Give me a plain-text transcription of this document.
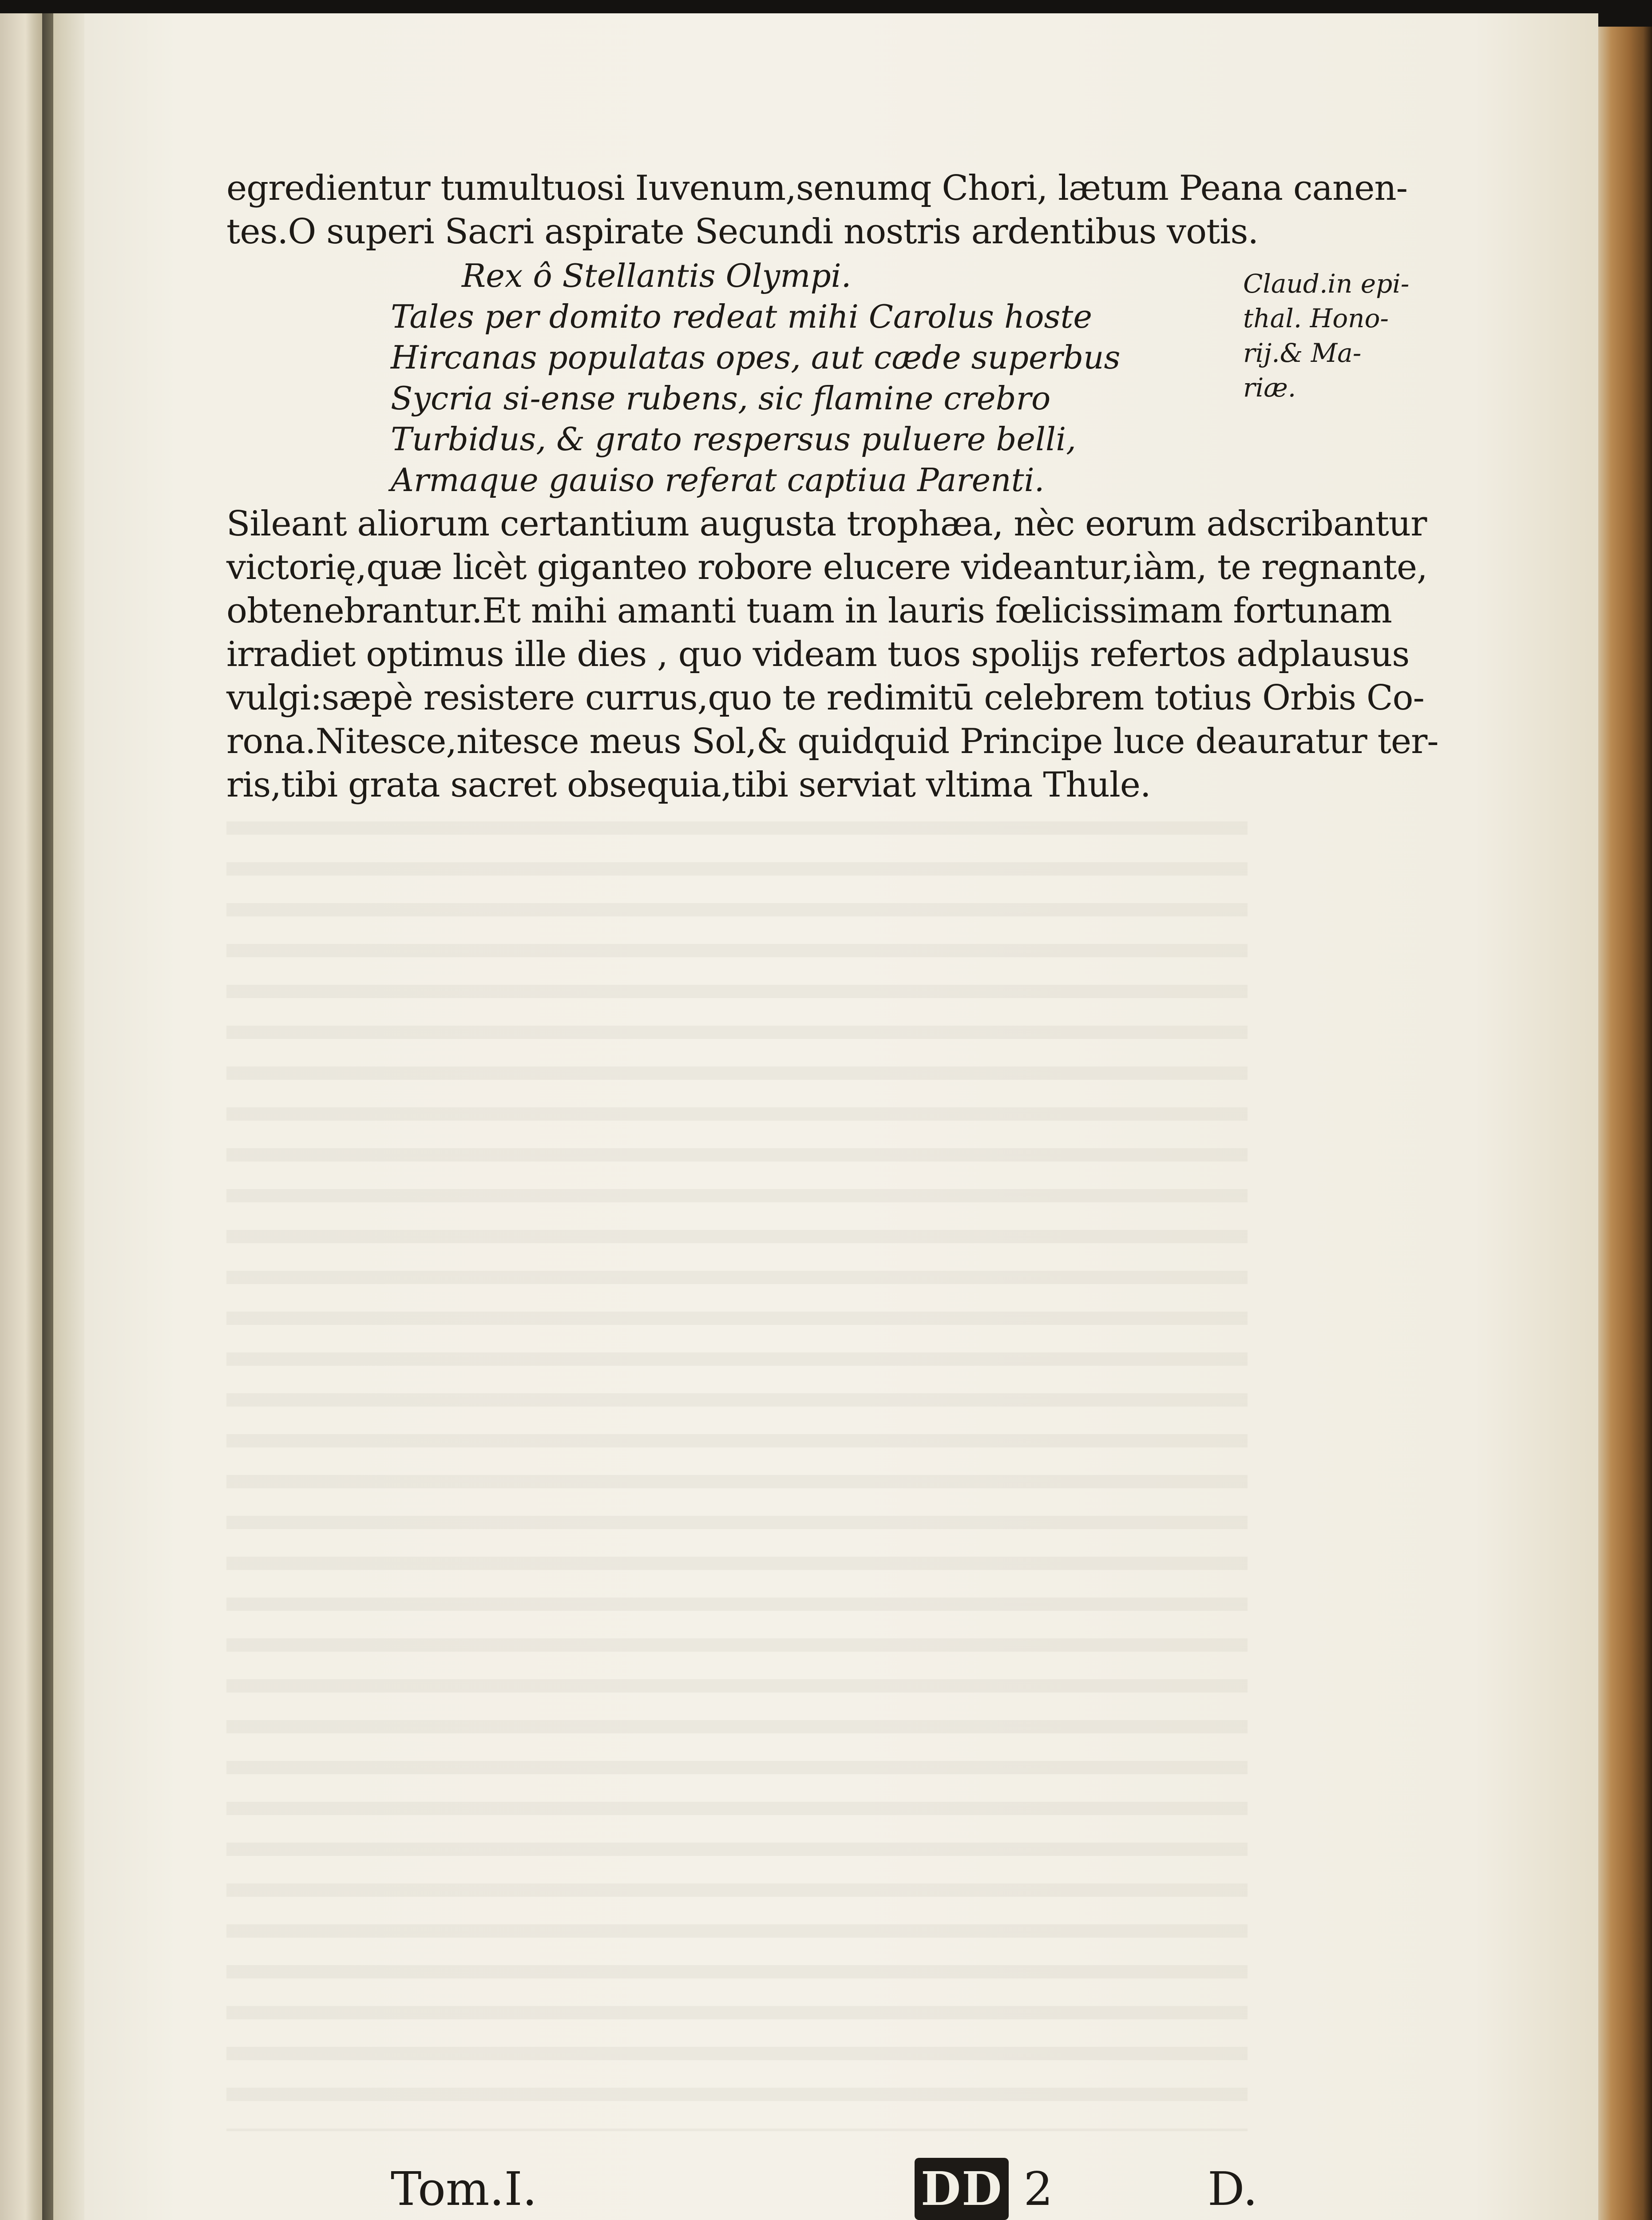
egredientur tumultuosi Iuvenum,senumq Chori, lætum Peana canen-
tes.O superi Sacri aspirate Secundi nostris ardentibus votis.
Rex ô Stellantis Olympi.
Tales per domito redeat mihi Carolus hoste
Hircanas populatas opes, aut cæde superbus
Sycria si-ense rubens, sic flamine crebro
Turbidus, & grato respersus puluere belli,
Armaque gauiso referat captiua Parenti.
Sileant aliorum certantium augusta trophæa, nèc eorum adscribantur
victorię,quæ licèt giganteo robore elucere videantur,iàm, te regnante,
obtenebrantur.Et mihi amanti tuam in lauris fœlicissimam fortunam
irradiet optimus ille dies , quo videam tuos spolijs refertos adplausus
vulgi:sæpè resistere currus,quo te redimitū celebrem totius Orbis Co-
rona.Nitesce,nitesce meus Sol,& quidquid Principe luce deauratur ter-
ris,tibi grata sacret obsequia,tibi serviat vltima Thule.
Claud.in epi-
thal. Hono-
rij.& Ma-
riæ.
Tom.I.	DD 2	D.
